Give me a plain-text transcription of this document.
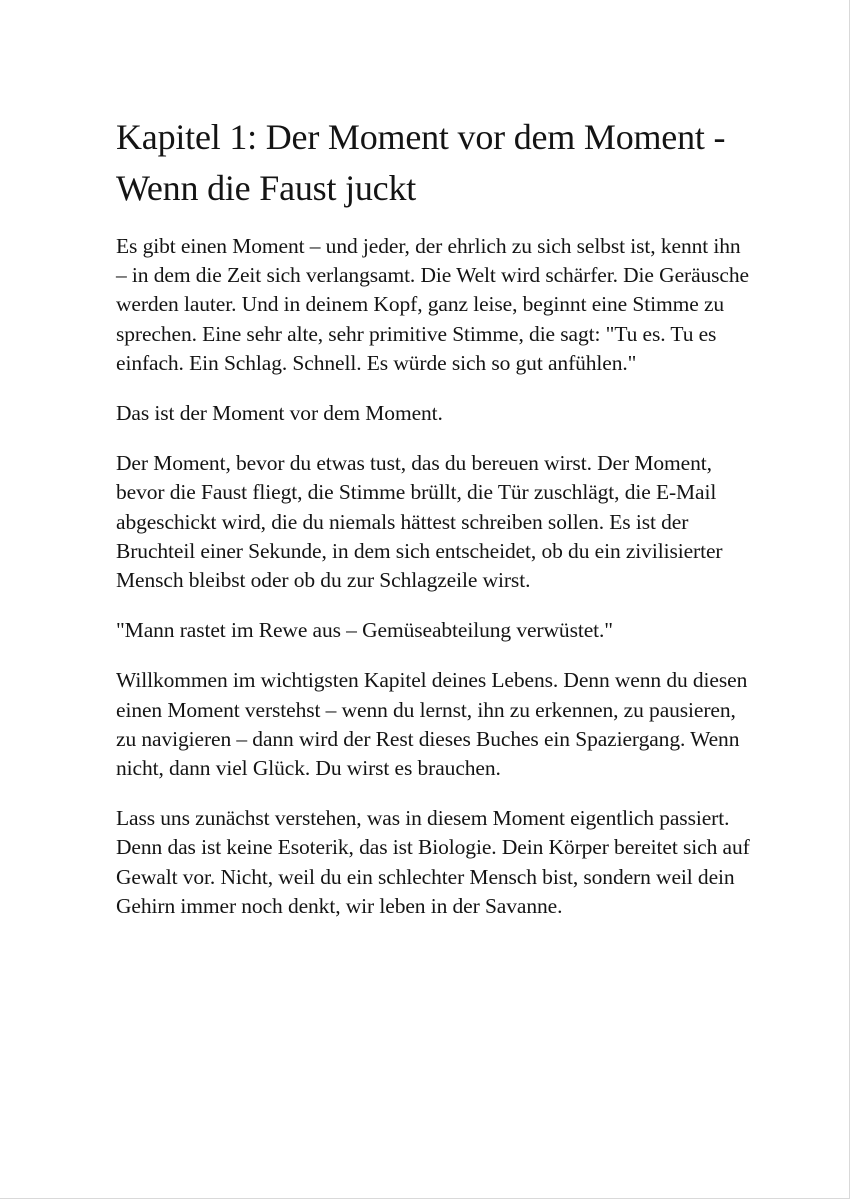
Kapitel 1: Der Moment vor dem Moment - Wenn die Faust juckt

Es gibt einen Moment – und jeder, der ehrlich zu sich selbst ist, kennt ihn – in dem die Zeit sich verlangsamt. Die Welt wird schärfer. Die Geräusche werden lauter. Und in deinem Kopf, ganz leise, beginnt eine Stimme zu sprechen. Eine sehr alte, sehr primitive Stimme, die sagt: "Tu es. Tu es einfach. Ein Schlag. Schnell. Es würde sich so gut anfühlen."

Das ist der Moment vor dem Moment.

Der Moment, bevor du etwas tust, das du bereuen wirst. Der Moment, bevor die Faust fliegt, die Stimme brüllt, die Tür zuschlägt, die E-Mail abgeschickt wird, die du niemals hättest schreiben sollen. Es ist der Bruchteil einer Sekunde, in dem sich entscheidet, ob du ein zivilisierter Mensch bleibst oder ob du zur Schlagzeile wirst.

"Mann rastet im Rewe aus – Gemüseabteilung verwüstet."

Willkommen im wichtigsten Kapitel deines Lebens. Denn wenn du diesen einen Moment verstehst – wenn du lernst, ihn zu erkennen, zu pausieren, zu navigieren – dann wird der Rest dieses Buches ein Spaziergang. Wenn nicht, dann viel Glück. Du wirst es brauchen.

Lass uns zunächst verstehen, was in diesem Moment eigentlich passiert. Denn das ist keine Esoterik, das ist Biologie. Dein Körper bereitet sich auf Gewalt vor. Nicht, weil du ein schlechter Mensch bist, sondern weil dein Gehirn immer noch denkt, wir leben in der Savanne.
